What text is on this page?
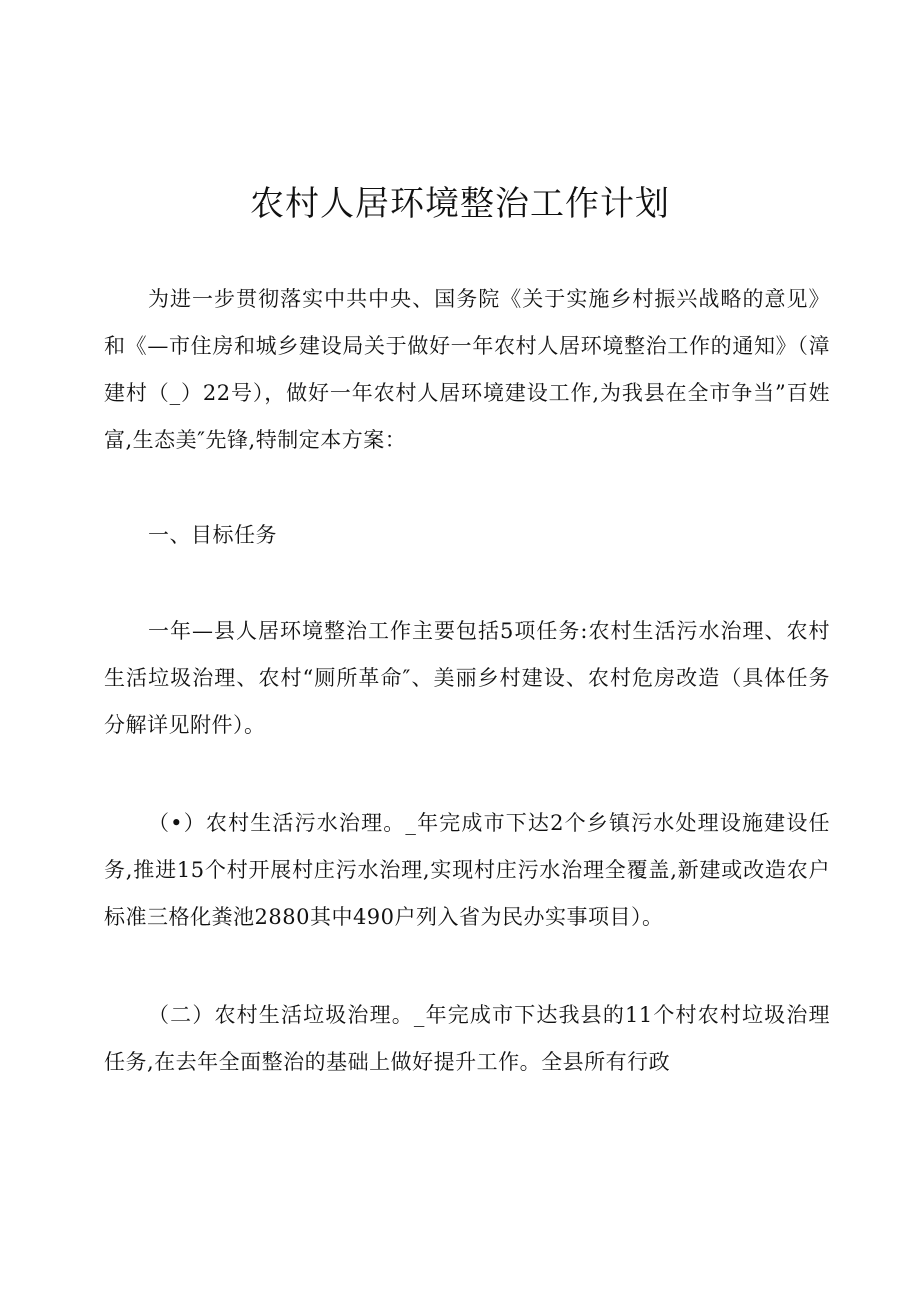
农村人居环境整治工作计划

为进一步贯彻落实中共中央、国务院《关于实施乡村振兴战略的意见》和《—市住房和城乡建设局关于做好一年农村人居环境整治工作的通知》（漳建村（_）22号），做好一年农村人居环境建设工作,为我县在全市争当”百姓富,生态美″先锋,特制定本方案：

一、目标任务

一年—县人居环境整治工作主要包括5项任务:农村生活污水治理、农村生活垃圾治理、农村“厕所革命″、美丽乡村建设、农村危房改造（具体任务分解详见附件）。

（•）农村生活污水治理。_年完成市下达2个乡镇污水处理设施建设任务,推进15个村开展村庄污水治理,实现村庄污水治理全覆盖,新建或改造农户标准三格化粪池2880其中490户列入省为民办实事项目）。

（二）农村生活垃圾治理。_年完成市下达我县的11个村农村垃圾治理任务,在去年全面整治的基础上做好提升工作。全县所有行政
